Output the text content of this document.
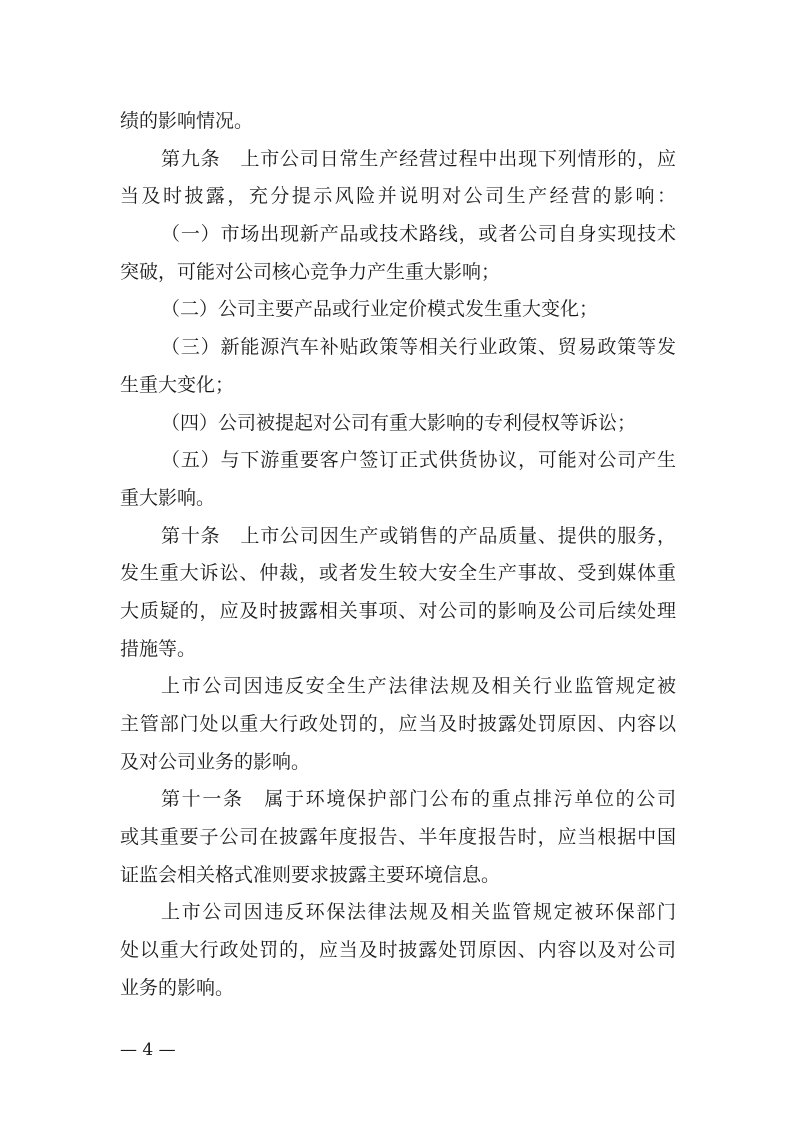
绩的影响情况。
第九条　上市公司日常生产经营过程中出现下列情形的，应
当及时披露，充分提示风险并说明对公司生产经营的影响：
（一）市场出现新产品或技术路线，或者公司自身实现技术
突破，可能对公司核心竞争力产生重大影响；
（二）公司主要产品或行业定价模式发生重大变化；
（三）新能源汽车补贴政策等相关行业政策、贸易政策等发
生重大变化；
（四）公司被提起对公司有重大影响的专利侵权等诉讼；
（五）与下游重要客户签订正式供货协议，可能对公司产生
重大影响。
第十条　上市公司因生产或销售的产品质量、提供的服务，
发生重大诉讼、仲裁，或者发生较大安全生产事故、受到媒体重
大质疑的，应及时披露相关事项、对公司的影响及公司后续处理
措施等。
上市公司因违反安全生产法律法规及相关行业监管规定被
主管部门处以重大行政处罚的，应当及时披露处罚原因、内容以
及对公司业务的影响。
第十一条　属于环境保护部门公布的重点排污单位的公司
或其重要子公司在披露年度报告、半年度报告时，应当根据中国
证监会相关格式准则要求披露主要环境信息。
上市公司因违反环保法律法规及相关监管规定被环保部门
处以重大行政处罚的，应当及时披露处罚原因、内容以及对公司
业务的影响。
— 4 —
